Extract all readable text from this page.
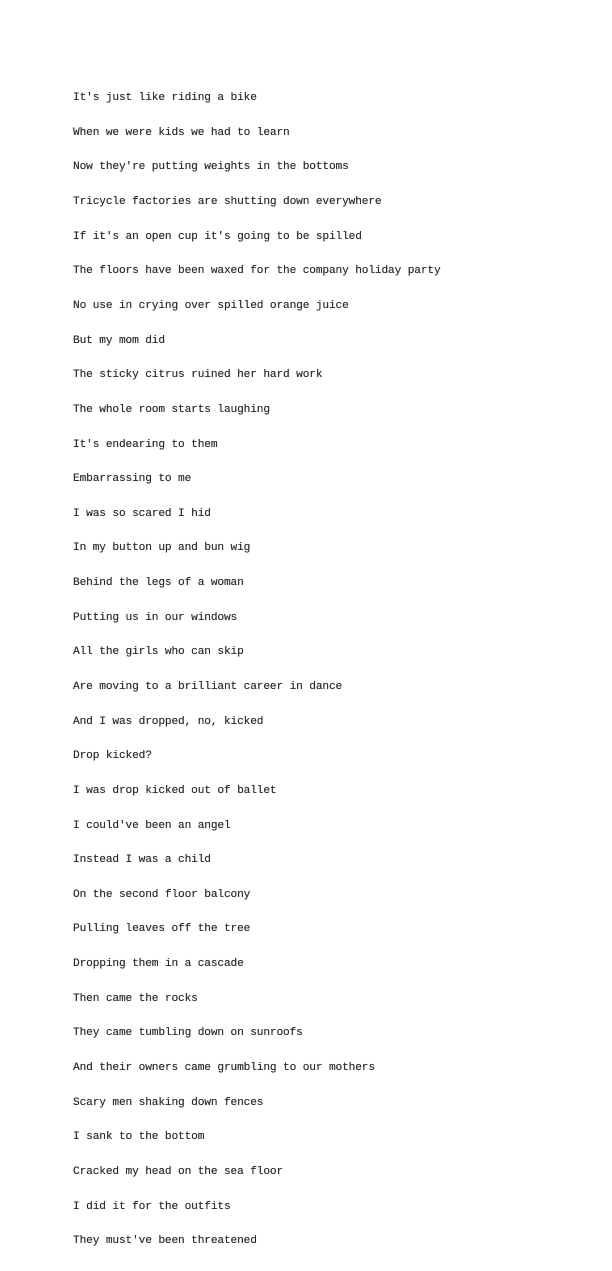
It's just like riding a bike

When we were kids we had to learn

Now they're putting weights in the bottoms

Tricycle factories are shutting down everywhere

If it's an open cup it's going to be spilled

The floors have been waxed for the company holiday party

No use in crying over spilled orange juice

But my mom did

The sticky citrus ruined her hard work

The whole room starts laughing

It's endearing to them

Embarrassing to me

I was so scared I hid

In my button up and bun wig

Behind the legs of a woman

Putting us in our windows

All the girls who can skip

Are moving to a brilliant career in dance

And I was dropped, no, kicked

Drop kicked?

I was drop kicked out of ballet

I could've been an angel

Instead I was a child

On the second floor balcony

Pulling leaves off the tree

Dropping them in a cascade

Then came the rocks

They came tumbling down on sunroofs

And their owners came grumbling to our mothers

Scary men shaking down fences

I sank to the bottom

Cracked my head on the sea floor

I did it for the outfits

They must've been threatened
